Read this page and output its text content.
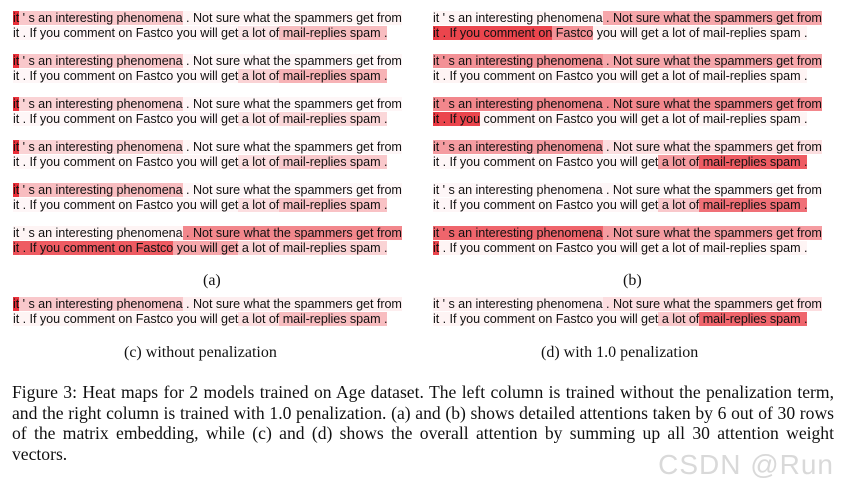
it ' s an interesting phenomena . Not sure what the spammers get from
it . If you comment on Fastco you will get a lot of mail-replies spam .
it ' s an interesting phenomena . Not sure what the spammers get from
it . If you comment on Fastco you will get a lot of mail-replies spam .
it ' s an interesting phenomena . Not sure what the spammers get from
it . If you comment on Fastco you will get a lot of mail-replies spam .
it ' s an interesting phenomena . Not sure what the spammers get from
it . If you comment on Fastco you will get a lot of mail-replies spam .
it ' s an interesting phenomena . Not sure what the spammers get from
it . If you comment on Fastco you will get a lot of mail-replies spam .
it ' s an interesting phenomena . Not sure what the spammers get from
it . If you comment on Fastco you will get a lot of mail-replies spam .
(a)
it ' s an interesting phenomena . Not sure what the spammers get from
it . If you comment on Fastco you will get a lot of mail-replies spam .
it ' s an interesting phenomena . Not sure what the spammers get from
it . If you comment on Fastco you will get a lot of mail-replies spam .
it ' s an interesting phenomena . Not sure what the spammers get from
it . If you comment on Fastco you will get a lot of mail-replies spam .
it ' s an interesting phenomena . Not sure what the spammers get from
it . If you comment on Fastco you will get a lot of mail-replies spam .
it ' s an interesting phenomena . Not sure what the spammers get from
it . If you comment on Fastco you will get a lot of mail-replies spam .
it ' s an interesting phenomena . Not sure what the spammers get from
it . If you comment on Fastco you will get a lot of mail-replies spam .
(b)
it ' s an interesting phenomena . Not sure what the spammers get from
it . If you comment on Fastco you will get a lot of mail-replies spam .
(c) without penalization
it ' s an interesting phenomena . Not sure what the spammers get from
it . If you comment on Fastco you will get a lot of mail-replies spam .
(d) with 1.0 penalization
Figure 3: Heat maps for 2 models trained on Age dataset. The left column is trained without the penalization term, and the right column is trained with 1.0 penalization. (a) and (b) shows detailed attentions taken by 6 out of 30 rows of the matrix embedding, while (c) and (d) shows the overall attention by summing up all 30 attention weight vectors.	CSDN @Run
